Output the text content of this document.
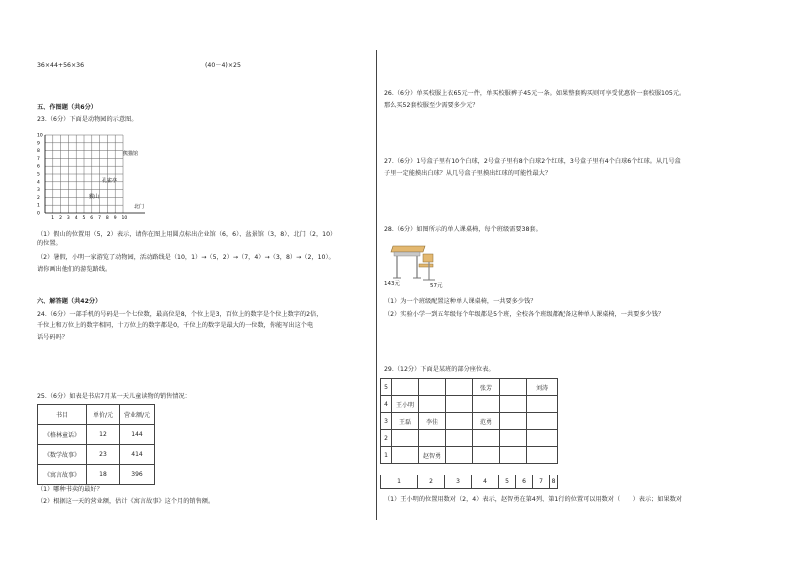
36×44+56×36	(40－4)×25
五、作图题（共6分）
23.（6分）下面是动物园的示意图。
熊猫馆
孔雀亭
猴山
北门
10
9
8
7
6
5
4
3
2
1
0
1 2 3 4 5 6 7 8 9 10
（1）假山的位置用（5，2）表示，请你在图上用圆点标出企业馆（6，6）、盆景馆（3，8）、北门（2，10）
的位置。
（2）暑假，小明一家游览了动物园，活动路线是（10，1）→（5，2）→（7，4）→（3，8）→（2，10）。
请你画出他们的游览路线。
六、解答题（共42分）
24.（6分）一部手机的号码是一个七位数，最高位是8，个位上是3，百位上的数字是个位上数字的2倍，
千位上和万位上的数字相同，十万位上的数字都是0，千位上的数字是最大的一位数，你能写出这个电
话号码吗？
25.（6分）如表是书店7月某一天儿童读物的销售情况：
书目	单价/元	营业额/元
《格林童话》	12	144
《数学故事》	23	414
《寓言故事》	18	396
（1）哪种书卖的最好？
（2）根据这一天的营业额，估计《寓言故事》这个月的销售额。
26.（6分）单买校服上衣65元一件，单买校服裤子45元一条。如果整套购买则可享受优惠价一套校服105元。
那么买52套校服至少需要多少元？
27.（6分）1号盒子里有10个白球，2号盒子里有8个白球2个红球，3号盒子里有4个白球6个红球。从几号盒
子里一定能摸出白球？从几号盒子里摸出红球的可能性最大？
28.（6分）如图所示的单人课桌椅，每个班级需要38套。
143元	57元
（1）为一个班级配置这种单人课桌椅，一共要多少钱？
（2）实验小学一到五年级每个年级都是5个班，全校各个班级都配备这种单人课桌椅，一共要多少钱？
29.（12分）下面是某班的部分座位表。
5				张芳		刘涛
4	王小明					
3	王磊	李佳		范勇		
2						
1		赵智勇				
1	2	3	4	5	6	7	8
（1）王小明的位置用数对（2，4）表示，赵智勇在第4列、第1行的位置可以用数对（　　）表示；如果数对
